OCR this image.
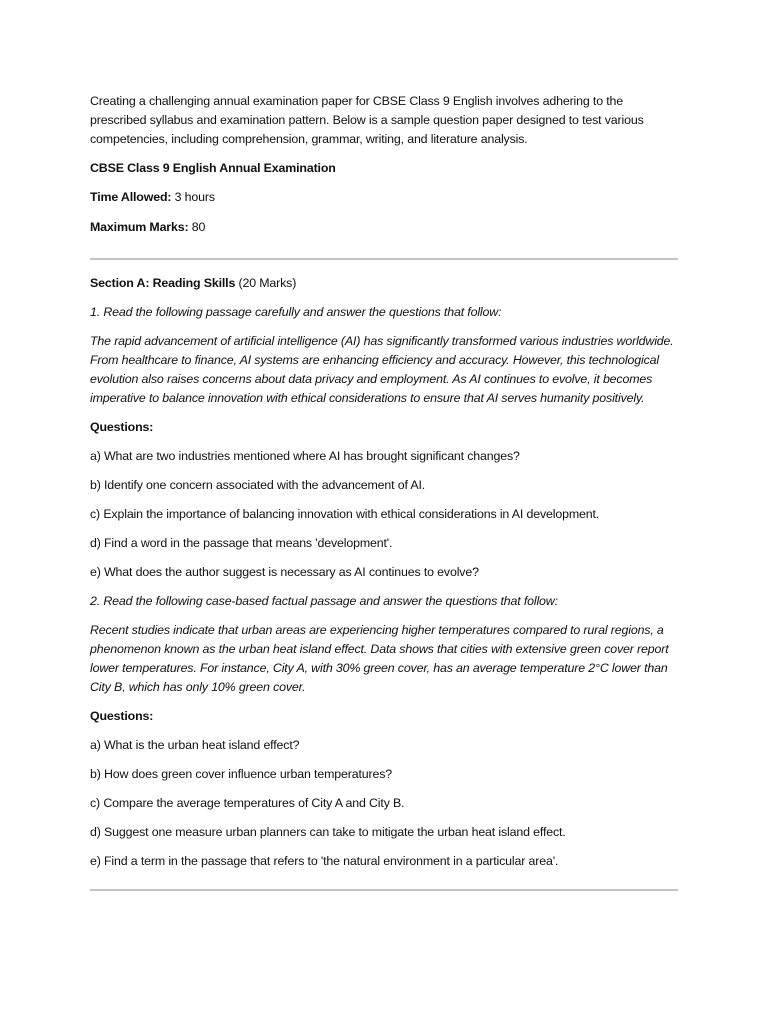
Creating a challenging annual examination paper for CBSE Class 9 English involves adhering to the prescribed syllabus and examination pattern. Below is a sample question paper designed to test various competencies, including comprehension, grammar, writing, and literature analysis.

CBSE Class 9 English Annual Examination

Time Allowed: 3 hours

Maximum Marks: 80

Section A: Reading Skills (20 Marks)

1. Read the following passage carefully and answer the questions that follow:

The rapid advancement of artificial intelligence (AI) has significantly transformed various industries worldwide. From healthcare to finance, AI systems are enhancing efficiency and accuracy. However, this technological evolution also raises concerns about data privacy and employment. As AI continues to evolve, it becomes imperative to balance innovation with ethical considerations to ensure that AI serves humanity positively.

Questions:

a) What are two industries mentioned where AI has brought significant changes?

b) Identify one concern associated with the advancement of AI.

c) Explain the importance of balancing innovation with ethical considerations in AI development.

d) Find a word in the passage that means 'development'.

e) What does the author suggest is necessary as AI continues to evolve?

2. Read the following case-based factual passage and answer the questions that follow:

Recent studies indicate that urban areas are experiencing higher temperatures compared to rural regions, a phenomenon known as the urban heat island effect. Data shows that cities with extensive green cover report lower temperatures. For instance, City A, with 30% green cover, has an average temperature 2°C lower than City B, which has only 10% green cover.

Questions:

a) What is the urban heat island effect?

b) How does green cover influence urban temperatures?

c) Compare the average temperatures of City A and City B.

d) Suggest one measure urban planners can take to mitigate the urban heat island effect.

e) Find a term in the passage that refers to 'the natural environment in a particular area'.
